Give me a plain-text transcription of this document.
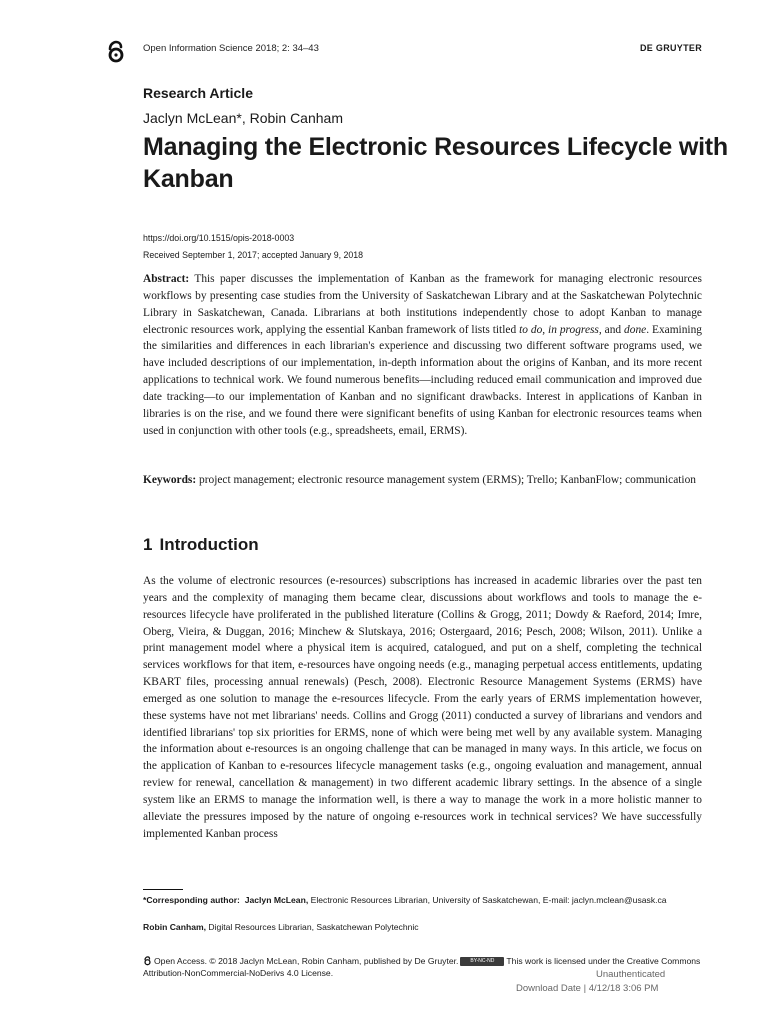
Open Information Science 2018; 2: 34–43	DE GRUYTER
Research Article
Jaclyn McLean*, Robin Canham
Managing the Electronic Resources Lifecycle with Kanban
https://doi.org/10.1515/opis-2018-0003
Received September 1, 2017; accepted January 9, 2018

Abstract: This paper discusses the implementation of Kanban as the framework for managing electronic resources workflows by presenting case studies from the University of Saskatchewan Library and at the Saskatchewan Polytechnic Library in Saskatchewan, Canada. Librarians at both institutions independently chose to adopt Kanban to manage electronic resources work, applying the essential Kanban framework of lists titled to do, in progress, and done. Examining the similarities and differences in each librarian's experience and discussing two different software programs used, we have included descriptions of our implementation, in-depth information about the origins of Kanban, and its more recent applications to technical work. We found numerous benefits—including reduced email communication and improved due date tracking—to our implementation of Kanban and no significant drawbacks. Interest in applications of Kanban in libraries is on the rise, and we found there were significant benefits of using Kanban for electronic resources teams when used in conjunction with other tools (e.g., spreadsheets, email, ERMS).

Keywords: project management; electronic resource management system (ERMS); Trello; KanbanFlow; communication

1 Introduction

As the volume of electronic resources (e-resources) subscriptions has increased in academic libraries over the past ten years and the complexity of managing them became clear, discussions about workflows and tools to manage the e-resources lifecycle have proliferated in the published literature (Collins & Grogg, 2011; Dowdy & Raeford, 2014; Imre, Oberg, Vieira, & Duggan, 2016; Minchew & Slutskaya, 2016; Ostergaard, 2016; Pesch, 2008; Wilson, 2011). Unlike a print management model where a physical item is acquired, catalogued, and put on a shelf, completing the technical services workflows for that item, e-resources have ongoing needs (e.g., managing perpetual access entitlements, updating KBART files, processing annual renewals) (Pesch, 2008). Electronic Resource Management Systems (ERMS) have emerged as one solution to manage the e-resources lifecycle. From the early years of ERMS implementation however, these systems have not met librarians' needs. Collins and Grogg (2011) conducted a survey of librarians and vendors and identified librarians' top six priorities for ERMS, none of which were being met well by any available system. Managing the information about e-resources is an ongoing challenge that can be managed in many ways. In this article, we focus on the application of Kanban to e-resources lifecycle management tasks (e.g., ongoing evaluation and management, annual review for renewal, cancellation & management) in two different academic library settings. In the absence of a single system like an ERMS to manage the information well, is there a way to manage the work in a more holistic manner to alleviate the pressures imposed by the nature of ongoing e-resources work in technical services? We have successfully implemented Kanban process

*Corresponding author: Jaclyn McLean, Electronic Resources Librarian, University of Saskatchewan, E-mail: jaclyn.mclean@usask.ca

Robin Canham, Digital Resources Librarian, Saskatchewan Polytechnic

Open Access. © 2018 Jaclyn McLean, Robin Canham, published by De Gruyter. BY-NC-ND This work is licensed under the Creative Commons Attribution-NonCommercial-NoDerivs 4.0 License.	Unauthenticated
Download Date | 4/12/18 3:06 PM
